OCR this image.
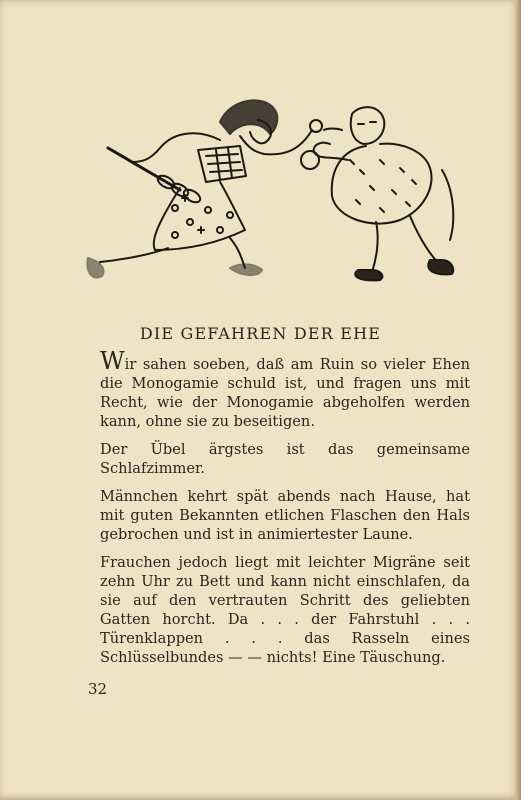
DIE GEFAHREN DER EHE

Wir sahen soeben, daß am Ruin so vieler Ehen die Monogamie schuld ist, und fragen uns mit Recht, wie der Monogamie abgeholfen werden kann, ohne sie zu beseitigen.

Der Übel ärgstes ist das gemeinsame Schlafzimmer.

Männchen kehrt spät abends nach Hause, hat mit guten Bekannten etlichen Flaschen den Hals gebrochen und ist in animiertester Laune.

Frauchen jedoch liegt mit leichter Migräne seit zehn Uhr zu Bett und kann nicht einschlafen, da sie auf den vertrauten Schritt des geliebten Gatten horcht. Da . . . der Fahrstuhl . . . Türenklappen . . . das Rasseln eines Schlüsselbundes — — nichts! Eine Täuschung.

32
